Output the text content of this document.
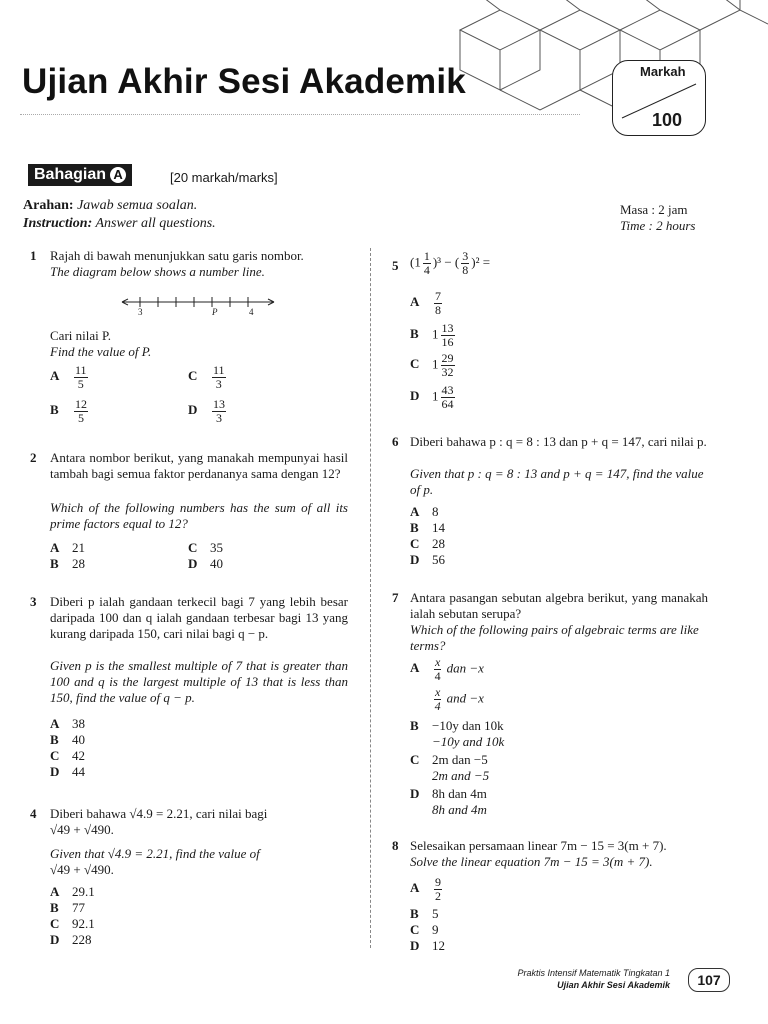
Ujian Akhir Sesi Akademik	Markah
100
Bahagian A	[20 markah/marks]
Arahan: Jawab semua soalan.
Instruction: Answer all questions.
Masa : 2 jam
Time : 2 hours
1 Rajah di bawah menunjukkan satu garis nombor.
The diagram below shows a number line.
3	P	4
Cari nilai P.
Find the value of P.
A $\frac{11}{5}$	C $\frac{11}{3}$
B $\frac{12}{5}$	D $\frac{13}{3}$
2 Antara nombor berikut, yang manakah mempunyai hasil tambah bagi semua faktor perdananya sama dengan 12?
Which of the following numbers has the sum of all its prime factors equal to 12?
A 21	C 35
B 28	D 40
3 Diberi p ialah gandaan terkecil bagi 7 yang lebih besar daripada 100 dan q ialah gandaan terbesar bagi 13 yang kurang daripada 150, cari nilai bagi q − p.
Given p is the smallest multiple of 7 that is greater than 100 and q is the largest multiple of 13 that is less than 150, find the value of q − p.
A 38
B 40
C 42
D 44
4 Diberi bahawa √4.9 = 2.21, cari nilai bagi
√49 + √490.
Given that √4.9 = 2.21, find the value of
√49 + √490.
A 29.1
B 77
C 92.1
D 228
5 $(1 \frac{1}{4} )^3$ − ( $\frac{3}{8} )^2$ =
A $\frac{7}{8}$
B $1 \frac{13}{16}$
C $1 \frac{29}{32}$
D $1 \frac{43}{64}$
6 Diberi bahawa p : q = 8 : 13 dan p + q = 147, cari nilai p.
Given that p : q = 8 : 13 and p + q = 147, find the value of p.
A 8
B 14
C 28
D 56
7 Antara pasangan sebutan algebra berikut, yang manakah ialah sebutan serupa?
Which of the following pairs of algebraic terms are like terms?
A $\frac{x}{4}$ dan −x
$\frac{x}{4}$ and −x
B −10y dan 10k
−10y and 10k
C 2m dan −5
2m and −5
D 8h dan 4m
8h and 4m
8 Selesaikan persamaan linear 7m − 15 = 3(m + 7).
Solve the linear equation 7m − 15 = 3(m + 7).
A $\frac{9}{2}$
B 5
C 9
D 12
Praktis Intensif Matematik Tingkatan 1
Ujian Akhir Sesi Akademik	107
